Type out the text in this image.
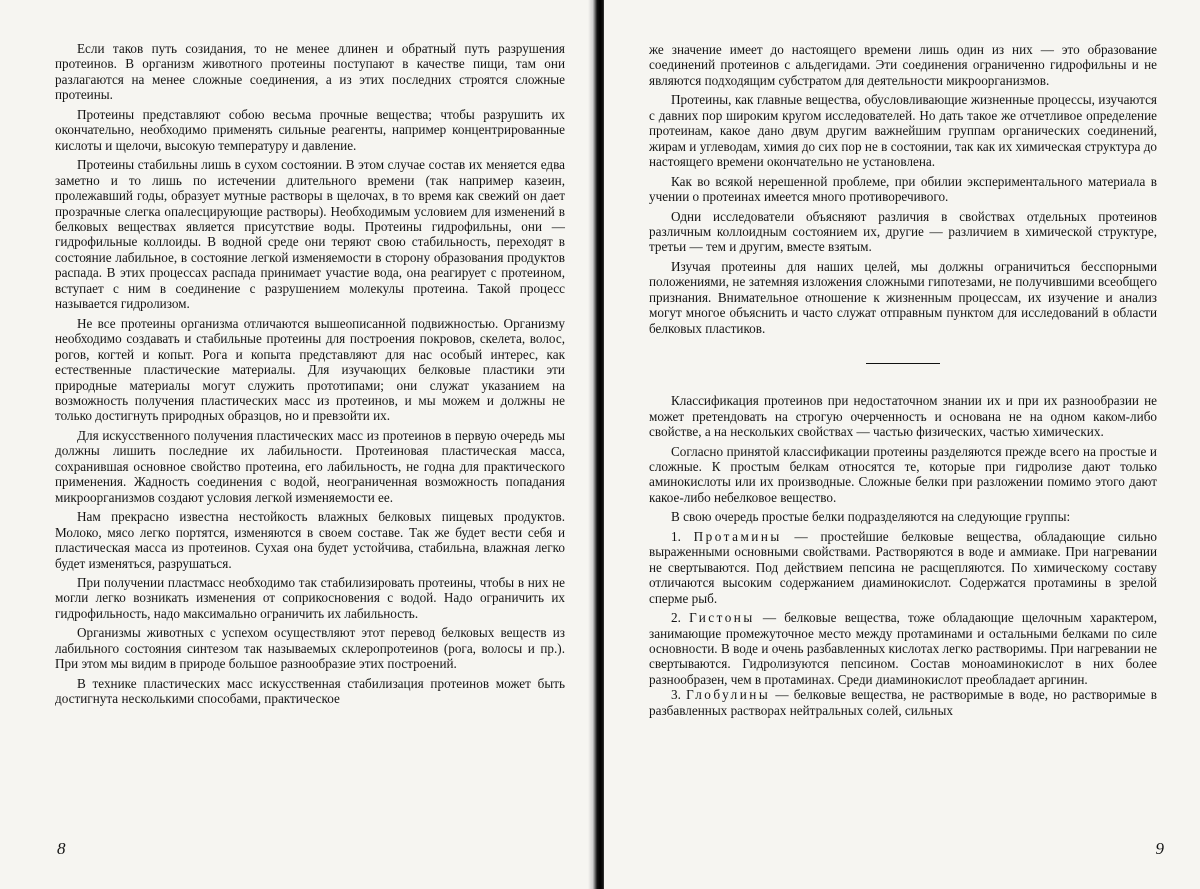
Если таков путь созидания, то не менее длинен и обратный путь разрушения протеинов. В организм животного протеины поступают в качестве пищи, там они разлагаются на менее сложные соединения, а из этих последних строятся сложные протеины.

Протеины представляют собою весьма прочные вещества; чтобы разрушить их окончательно, необходимо применять сильные реагенты, например концентрированные кислоты и щелочи, высокую температуру и давление.

Протеины стабильны лишь в сухом состоянии. В этом случае состав их меняется едва заметно и то лишь по истечении длительного времени (так например казеин, пролежавший годы, образует мутные растворы в щелочах, в то время как свежий он дает прозрачные слегка опалесцирующие растворы). Необходимым условием для изменений в белковых веществах является присутствие воды. Протеины гидрофильны, они — гидрофильные коллоиды. В водной среде они теряют свою стабильность, переходят в состояние лабильное, в состояние легкой изменяемости в сторону образования продуктов распада. В этих процессах распада принимает участие вода, она реагирует с протеином, вступает с ним в соединение с разрушением молекулы протеина. Такой процесс называется гидролизом.

Не все протеины организма отличаются вышеописанной подвижностью. Организму необходимо создавать и стабильные протеины для построения покровов, скелета, волос, рогов, когтей и копыт. Рога и копыта представляют для нас особый интерес, как естественные пластические материалы. Для изучающих белковые пластики эти природные материалы могут служить прототипами; они служат указанием на возможность получения пластических масс из протеинов, и мы можем и должны не только достигнуть природных образцов, но и превзойти их.

Для искусственного получения пластических масс из протеинов в первую очередь мы должны лишить последние их лабильности. Протеиновая пластическая масса, сохранившая основное свойство протеина, его лабильность, не годна для практического применения. Жадность соединения с водой, неограниченная возможность попадания микроорганизмов создают условия легкой изменяемости ее.

Нам прекрасно известна нестойкость влажных белковых пищевых продуктов. Молоко, мясо легко портятся, изменяются в своем составе. Так же будет вести себя и пластическая масса из протеинов. Сухая она будет устойчива, стабильна, влажная легко будет изменяться, разрушаться.

При получении пластмасс необходимо так стабилизировать протеины, чтобы в них не могли легко возникать изменения от соприкосновения с водой. Надо ограничить их гидрофильность, надо максимально ограничить их лабильность.

Организмы животных с успехом осуществляют этот перевод белковых веществ из лабильного состояния синтезом так называемых склеропротеинов (рога, волосы и пр.). При этом мы видим в природе большое разнообразие этих построений.

В технике пластических масс искусственная стабилизация протеинов может быть достигнута несколькими способами, практическое

8

же значение имеет до настоящего времени лишь один из них — это образование соединений протеинов с альдегидами. Эти соединения ограниченно гидрофильны и не являются подходящим субстратом для деятельности микроорганизмов.

Протеины, как главные вещества, обусловливающие жизненные процессы, изучаются с давних пор широким кругом исследователей. Но дать такое же отчетливое определение протеинам, какое дано двум другим важнейшим группам органических соединений, жирам и углеводам, химия до сих пор не в состоянии, так как их химическая структура до настоящего времени окончательно не установлена.

Как во всякой нерешенной проблеме, при обилии экспериментального материала в учении о протеинах имеется много противоречивого.

Одни исследователи объясняют различия в свойствах отдельных протеинов различным коллоидным состоянием их, другие — различием в химической структуре, третьи — тем и другим, вместе взятым.

Изучая протеины для наших целей, мы должны ограничиться бесспорными положениями, не затемняя изложения сложными гипотезами, не получившими всеобщего признания. Внимательное отношение к жизненным процессам, их изучение и анализ могут многое объяснить и часто служат отправным пунктом для исследований в области белковых пластиков.

Классификация протеинов при недостаточном знании их и при их разнообразии не может претендовать на строгую очерченность и основана не на одном каком-либо свойстве, а на нескольких свойствах — частью физических, частью химических.

Согласно принятой классификации протеины разделяются прежде всего на простые и сложные. К простым белкам относятся те, которые при гидролизе дают только аминокислоты или их производные. Сложные белки при разложении помимо этого дают какое-либо небелковое вещество.

В свою очередь простые белки подразделяются на следующие группы:

1. Протамины — простейшие белковые вещества, обладающие сильно выраженными основными свойствами. Растворяются в воде и аммиаке. При нагревании не свертываются. Под действием пепсина не расщепляются. По химическому составу отличаются высоким содержанием диаминокислот. Содержатся протамины в зрелой сперме рыб.

2. Гистоны — белковые вещества, тоже обладающие щелочным характером, занимающие промежуточное место между протаминами и остальными белками по силе основности. В воде и очень разбавленных кислотах легко растворимы. При нагревании не свертываются. Гидролизуются пепсином. Состав моноаминокислот в них более разнообразен, чем в протаминах. Среди диаминокислот преобладает аргинин.

3. Глобулины — белковые вещества, не растворимые в воде, но растворимые в разбавленных растворах нейтральных солей, сильных

9
